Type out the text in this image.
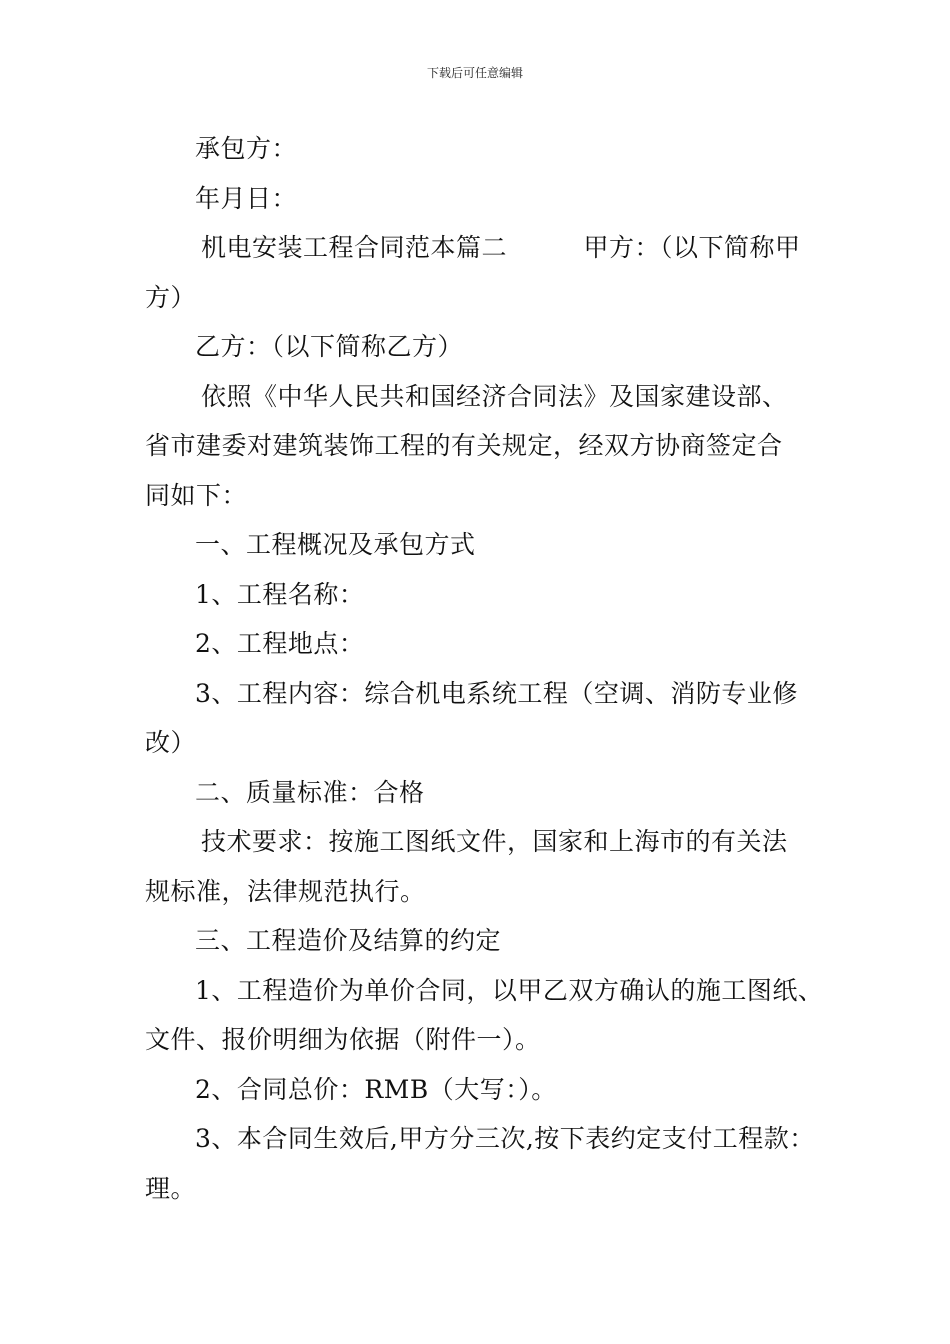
下载后可任意编辑

承包方：

年月日：

机电安装工程合同范本篇二　　　甲方：（以下简称甲
方）

乙方：（以下简称乙方）

依照《中华人民共和国经济合同法》及国家建设部、
省市建委对建筑装饰工程的有关规定，经双方协商签定合
同如下：

一、工程概况及承包方式

1、工程名称：

2、工程地点：

3、工程内容：综合机电系统工程（空调、消防专业修
改）

二、质量标准：合格

技术要求：按施工图纸文件，国家和上海市的有关法
规标准，法律规范执行。

三、工程造价及结算的约定

1、工程造价为单价合同，以甲乙双方确认的施工图纸、
文件、报价明细为依据（附件一）。

2、合同总价：RMB（大写：）。

3、本合同生效后,甲方分三次,按下表约定支付工程款：
理。
